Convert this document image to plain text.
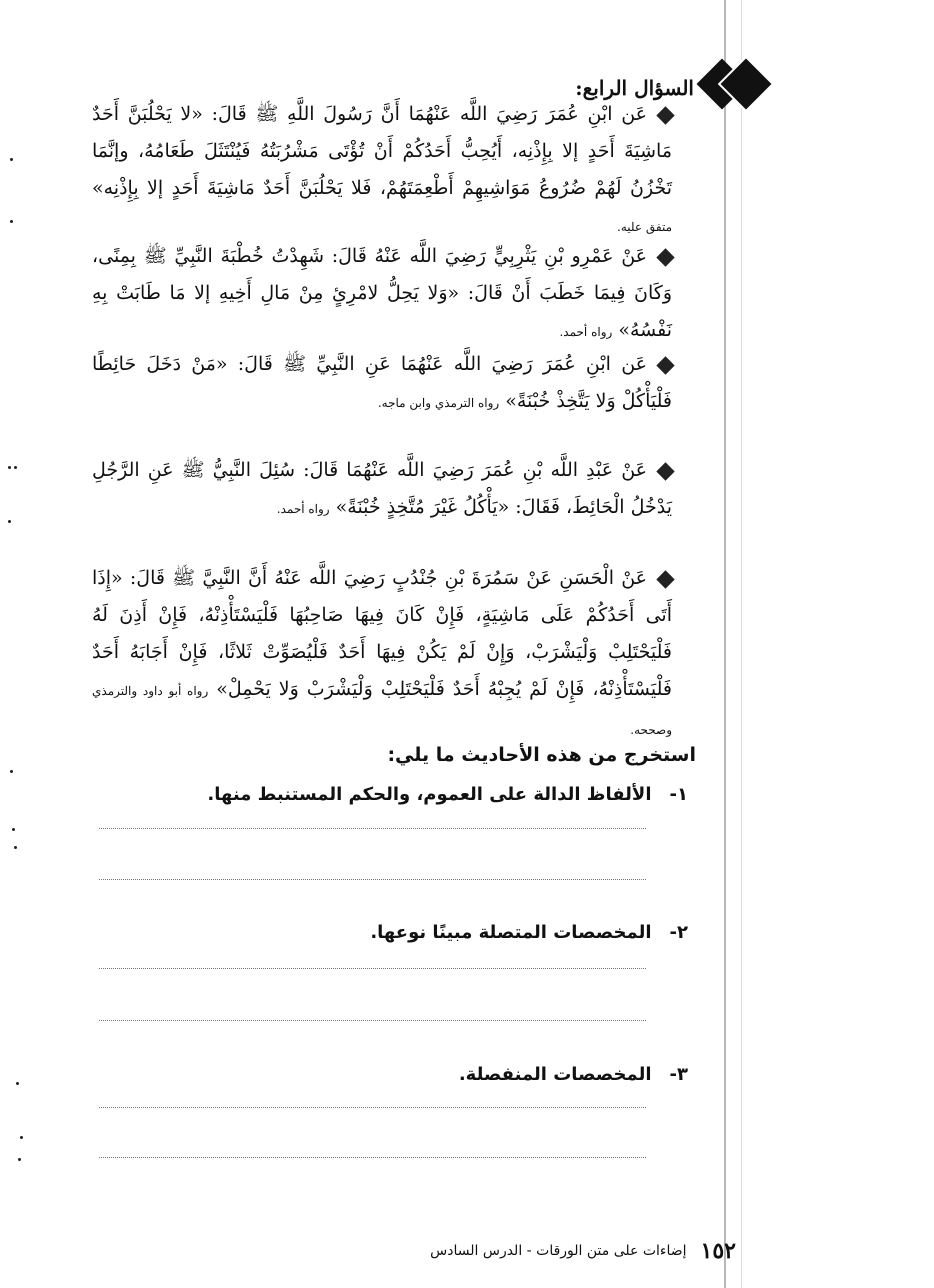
السؤال الرابع:
عَن ابْنِ عُمَرَ رَضِيَ اللَّه عَنْهُمَا أَنَّ رَسُولَ اللَّهِ ﷺ قَالَ: «لا يَحْلُبَنَّ أَحَدٌ مَاشِيَةَ أَحَدٍ إلا بِإِذْنِه، أَيُحِبُّ أَحَدُكُمْ أَنْ تُؤْتَى مَشْرُبَتُهُ فَيُنْتَثَلَ طَعَامُهُ، وإنَّمَا تَخْزُنُ لَهُمْ ضُرُوعُ مَوَاشِيهِمْ أَطْعِمَتَهُمْ، فَلا يَحْلُبَنَّ أَحَدٌ مَاشِيَةَ أَحَدٍ إلا بِإِذْنِه» متفق عليه.
عَنْ عَمْرِو بْنِ يَثْرِبِيٍّ رَضِيَ اللَّه عَنْهُ قَالَ: شَهِدْتُ خُطْبَةَ النَّبِيِّ ﷺ بِمِنًى، وَكَانَ فِيمَا خَطَبَ أَنْ قَالَ: «وَلا يَحِلُّ لامْرِئٍ مِنْ مَالِ أَخِيهِ إلا مَا طَابَتْ بِهِ نَفْسُهُ» رواه أحمد.
عَن ابْنِ عُمَرَ رَضِيَ اللَّه عَنْهُمَا عَنِ النَّبِيِّ ﷺ قَالَ: «مَنْ دَخَلَ حَائِطًا فَلْيَأْكُلْ وَلا يَتَّخِذْ خُبْنَةً» رواه الترمذي وابن ماجه.
عَنْ عَبْدِ اللَّه بْنِ عُمَرَ رَضِيَ اللَّه عَنْهُمَا قَالَ: سُئِلَ النَّبِيُّ ﷺ عَنِ الرَّجُلِ يَدْخُلُ الْحَائِطَ، فَقَالَ: «يَأْكُلُ غَيْرَ مُتَّخِذٍ خُبْنَةً» رواه أحمد.
عَنْ الْحَسَنِ عَنْ سَمُرَةَ بْنِ جُنْدُبٍ رَضِيَ اللَّه عَنْهُ أَنَّ النَّبِيَّ ﷺ قَالَ: «إِذَا أَتَى أَحَدُكُمْ عَلَى مَاشِيَةٍ، فَإِنْ كَانَ فِيهَا صَاحِبُهَا فَلْيَسْتَأْذِنْهُ، فَإِنْ أَذِنَ لَهُ فَلْيَحْتَلِبْ وَلْيَشْرَبْ، وَإِنْ لَمْ يَكُنْ فِيهَا أَحَدٌ فَلْيُصَوِّتْ ثَلاثًا، فَإِنْ أَجَابَهُ أَحَدٌ فَلْيَسْتَأْذِنْهُ، فَإِنْ لَمْ يُجِبْهُ أَحَدٌ فَلْيَحْتَلِبْ وَلْيَشْرَبْ وَلا يَحْمِلْ» رواه أبو داود والترمذي وصححه.
استخرج من هذه الأحاديث ما يلي:
١-
الألفاظ الدالة على العموم، والحكم المستنبط منها.
٢-
المخصصات المتصلة مبينًا نوعها.
٣-
المخصصات المنفصلة.
١٥٢
إضاءات على متن الورقات - الدرس السادس
